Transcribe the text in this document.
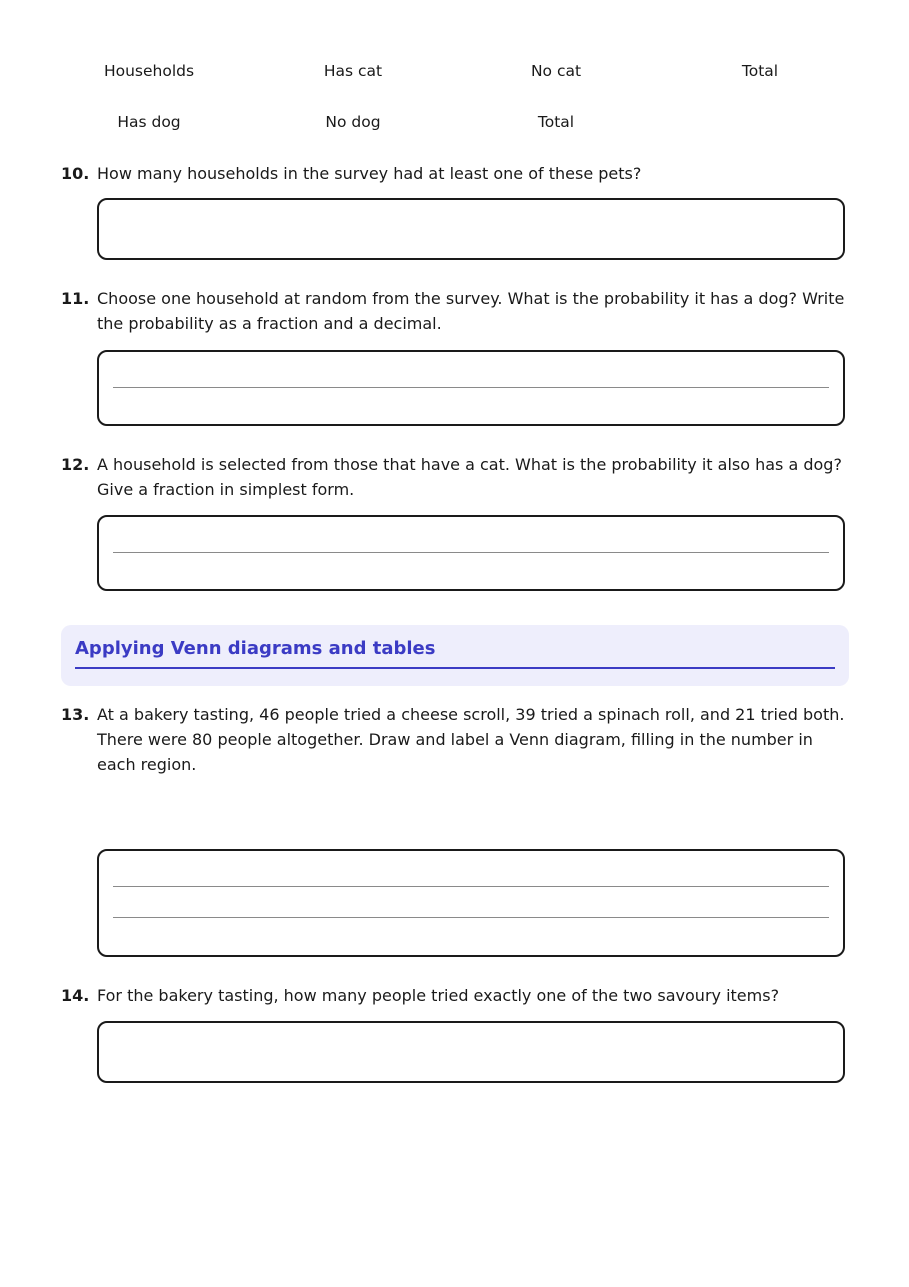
Households	Has cat	No cat	Total
Has dog	No dog	Total
10. How many households in the survey had at least one of these pets?
11. Choose one household at random from the survey. What is the probability it has a dog? Write the probability as a fraction and a decimal.
12. A household is selected from those that have a cat. What is the probability it also has a dog? Give a fraction in simplest form.
Applying Venn diagrams and tables
13. At a bakery tasting, 46 people tried a cheese scroll, 39 tried a spinach roll, and 21 tried both. There were 80 people altogether. Draw and label a Venn diagram, filling in the number in each region.
14. For the bakery tasting, how many people tried exactly one of the two savoury items?
